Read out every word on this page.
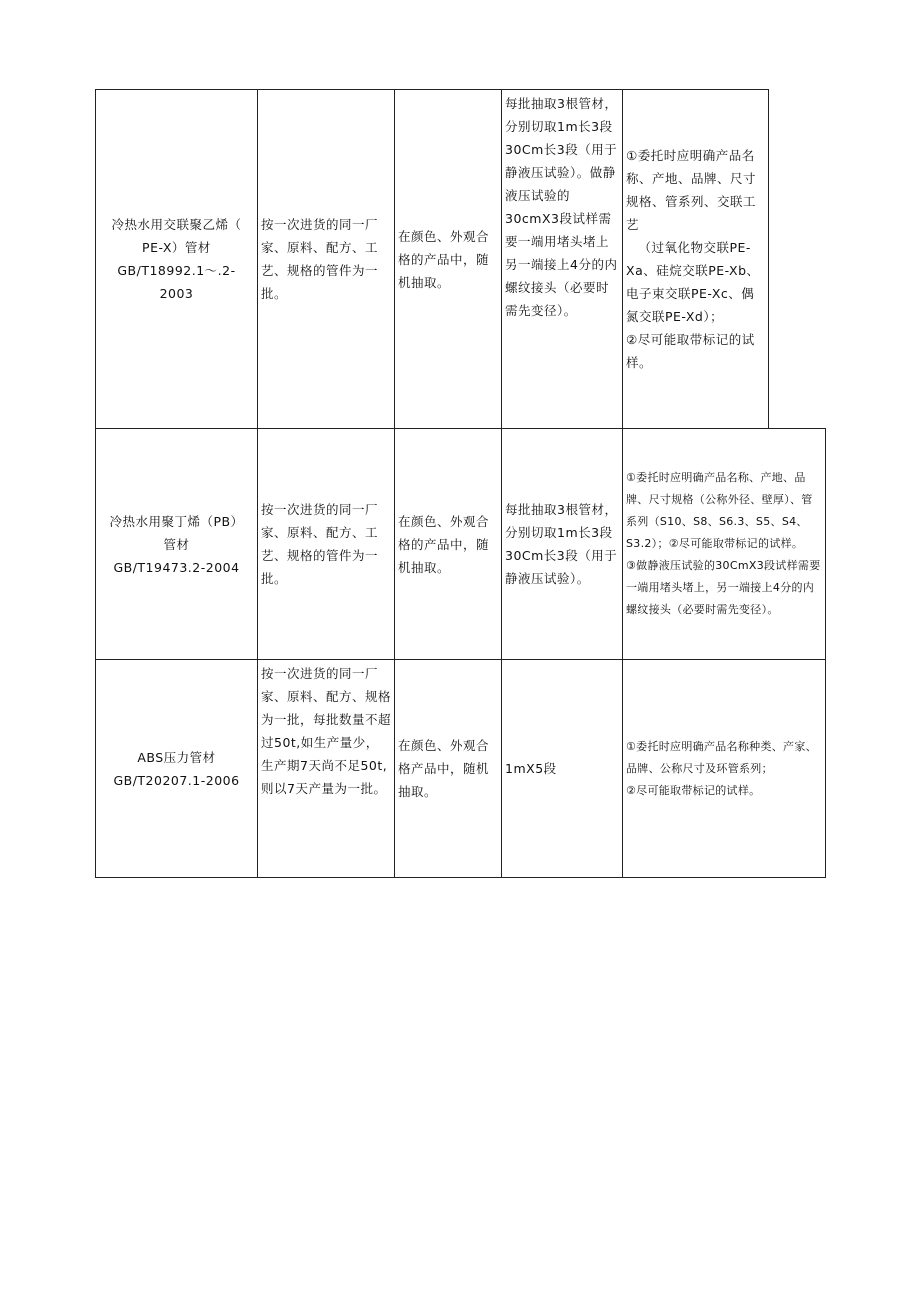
冷热水用交联聚乙烯（

PE-X）管材

GB/T18992.1～.2-

2003

按一次进货的同一厂家、原料、配方、工艺、规格的管件为一批。

在颜色、外观合格的产品中，随机抽取。

每批抽取3根管材，分别切取1m长3段30Cm长3段（用于静液压试验）。做静液压试验的30cmX3段试样需要一端用堵头堵上另一端接上4分的内螺纹接头（必要时需先变径）。

①委托时应明确产品名称、产地、品牌、尺寸规格、管系列、交联工艺

（过氧化物交联PE-Xa、硅烷交联PE-Xb、电子束交联PE-Xc、偶氮交联PE-Xd）；

②尽可能取带标记的试样。

冷热水用聚丁烯（PB）

管材

GB/T19473.2-2004

按一次进货的同一厂家、原料、配方、工艺、规格的管件为一批。

在颜色、外观合格的产品中，随机抽取。

每批抽取3根管材，分别切取1m长3段30Cm长3段（用于静液压试验）。

①委托时应明确产品名称、产地、品牌、尺寸规格（公称外径、壁厚）、管系列（S10、S8、S6.3、S5、S4、S3.2）；②尽可能取带标记的试样。

③做静液压试验的30CmX3段试样需要一端用堵头堵上，另一端接上4分的内螺纹接头（必要时需先变径）。

ABS压力管材

GB/T20207.1-2006

按一次进货的同一厂家、原料、配方、规格为一批，每批数量不超过50t,如生产量少，生产期7天尚不足50t,则以7天产量为一批。

在颜色、外观合格产品中，随机抽取。

1mX5段

①委托时应明确产品名称种类、产家、品牌、公称尺寸及环管系列；

②尽可能取带标记的试样。
